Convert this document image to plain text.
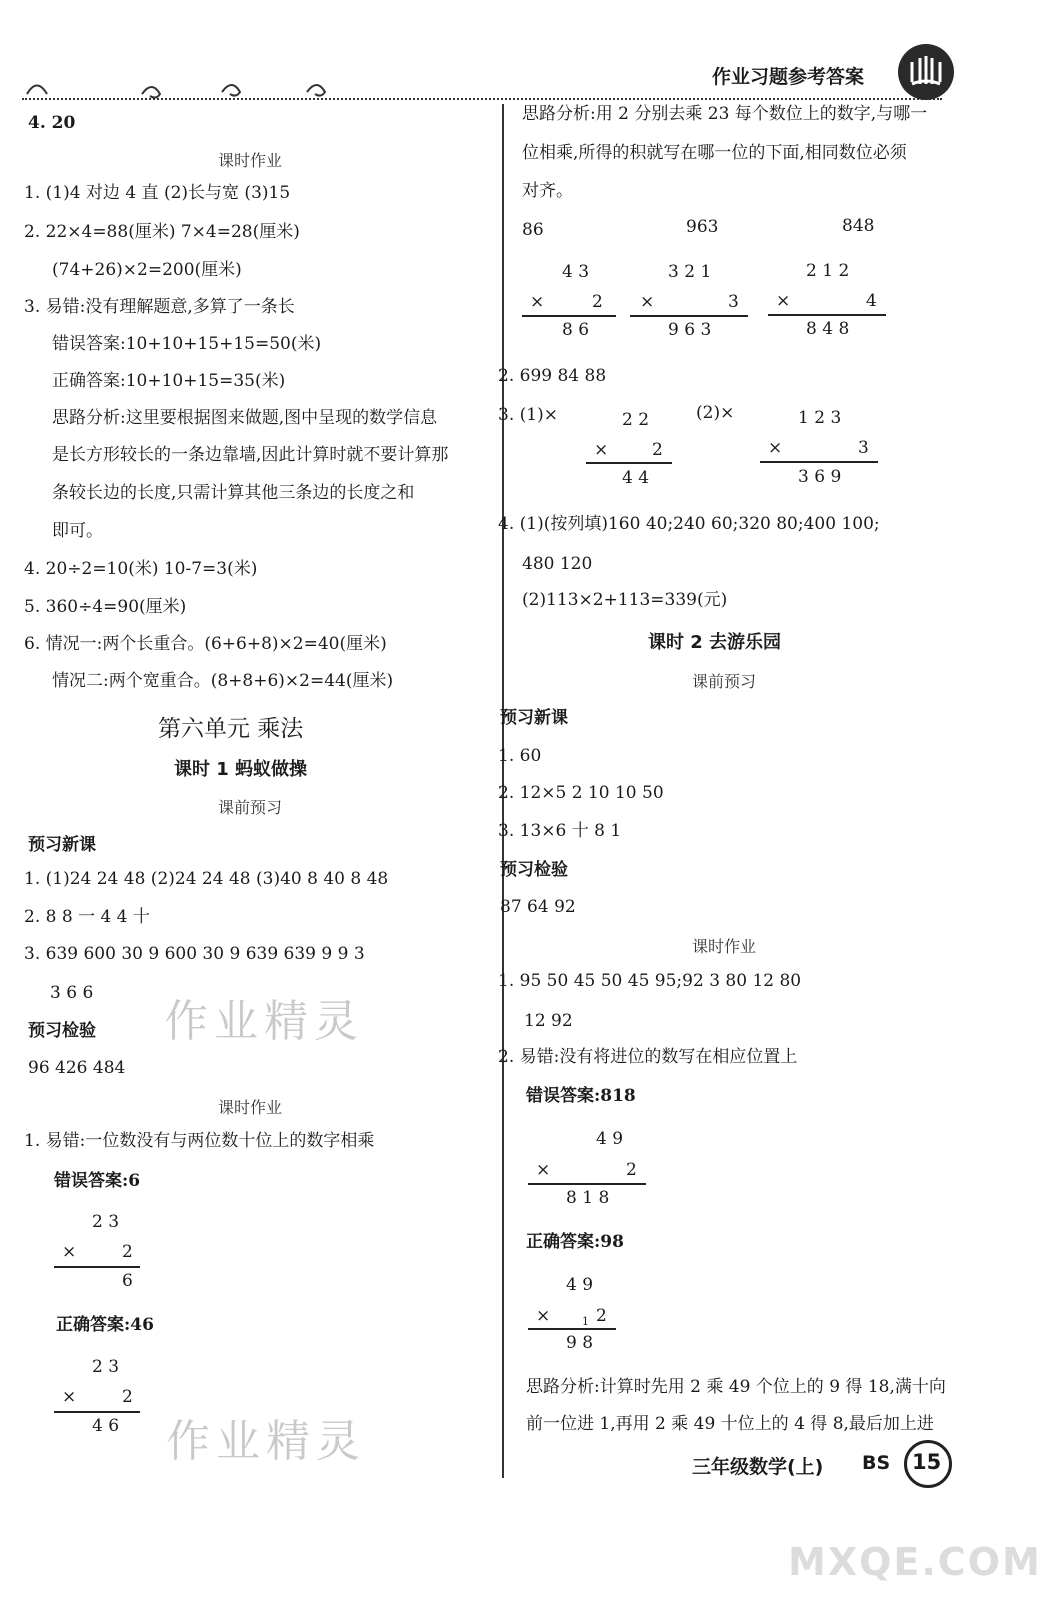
作业习题参考答案
4. 20
课时作业
1. (1)4 对边 4 直 (2)长与宽 (3)15
2. 22×4=88(厘米) 7×4=28(厘米)
(74+26)×2=200(厘米)
3. 易错:没有理解题意,多算了一条长
错误答案:10+10+15+15=50(米)
正确答案:10+10+15=35(米)
思路分析:这里要根据图来做题,图中呈现的数学信息
是长方形较长的一条边靠墙,因此计算时就不要计算那
条较长边的长度,只需计算其他三条边的长度之和
即可。
4. 20÷2=10(米) 10-7=3(米)
5. 360÷4=90(厘米)
6. 情况一:两个长重合。(6+6+8)×2=40(厘米)
情况二:两个宽重合。(8+8+6)×2=44(厘米)
第六单元 乘法
课时 1 蚂蚁做操
课前预习
预习新课
1. (1)24 24 48 (2)24 24 48 (3)40 8 40 8 48
2. 8 8 一 4 4 十
3. 639 600 30 9 600 30 9 639 639 9 9 3
3 6 6
作业精灵
预习检验
96 426 484
课时作业
1. 易错:一位数没有与两位数十位上的数字相乘
错误答案:6
2 3
×	2
6
正确答案:46
2 3
×	2
4 6 作业精灵
思路分析:用 2 分别去乘 23 每个数位上的数字,与哪一
位相乘,所得的积就写在哪一位的下面,相同数位必须
对齐。
86	963	848
4 3
×	2
8 6
3 2 1
×	3
9 6 3
2 1 2
×	4
8 4 8
2. 699 84 88
3. (1)×	(2)×
2 2
×	2
4 4
1 2 3
×	3
3 6 9
4. (1)(按列填)160 40;240 60;320 80;400 100;
480 120
(2)113×2+113=339(元)
课时 2 去游乐园
课前预习
预习新课
1. 60
2. 12×5 2 10 10 50
3. 13×6 十 8 1
预习检验
87 64 92
课时作业
1. 95 50 45 50 45 95;92 3 80 12 80
12 92
2. 易错:没有将进位的数写在相应位置上
错误答案:818
4 9
×	2
8 1 8
正确答案:98
4 9
×	1 2
9 8
思路分析:计算时先用 2 乘 49 个位上的 9 得 18,满十向
前一位进 1,再用 2 乘 49 十位上的 4 得 8,最后加上进
三年级数学(上) BS 15
MXQE.COM
